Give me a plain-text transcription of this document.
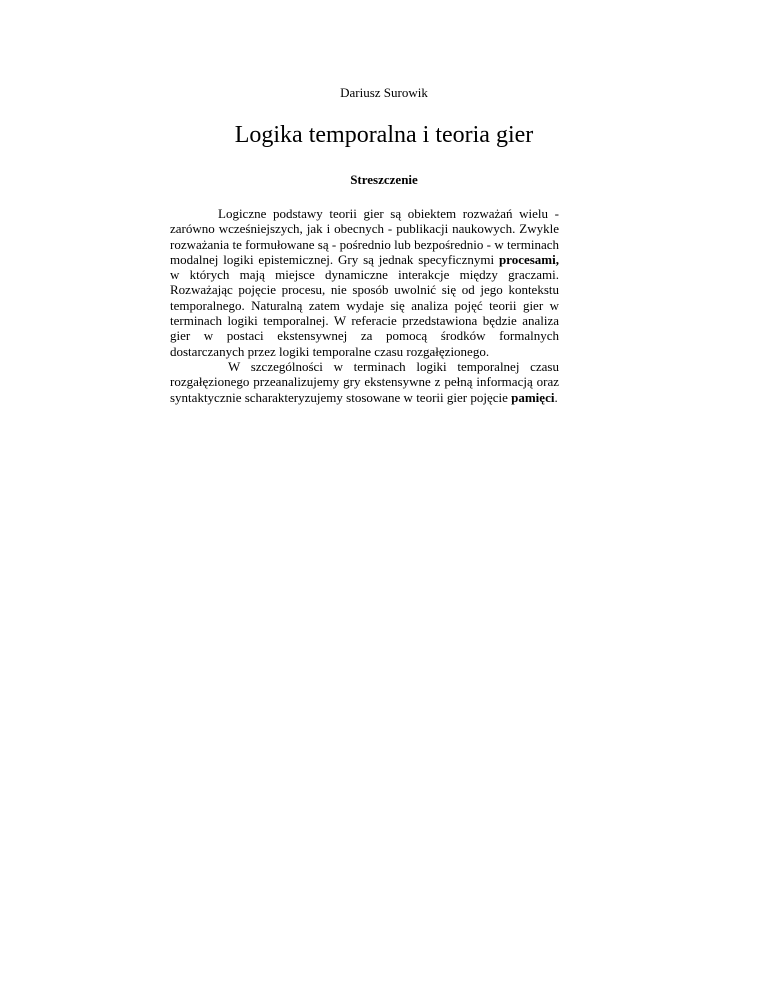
Dariusz Surowik
Logika temporalna i teoria gier
Streszczenie

Logiczne podstawy teorii gier są obiektem rozważań wielu - zarówno wcześniejszych, jak i obecnych - publikacji naukowych. Zwykle rozważania te formułowane są - pośrednio lub bezpośrednio - w terminach modalnej logiki epistemicznej. Gry są jednak specyficznymi procesami, w których mają miejsce dynamiczne interakcje między graczami. Rozważając pojęcie procesu, nie sposób uwolnić się od jego kontekstu temporalnego. Naturalną zatem wydaje się analiza pojęć teorii gier w terminach logiki temporalnej. W referacie przedstawiona będzie analiza gier w postaci ekstensywnej za pomocą środków formalnych dostarczanych przez logiki temporalne czasu rozgałęzionego.

W szczególności w terminach logiki temporalnej czasu rozgałęzionego przeanalizujemy gry ekstensywne z pełną informacją oraz syntaktycznie scharakteryzujemy stosowane w teorii gier pojęcie pamięci.
